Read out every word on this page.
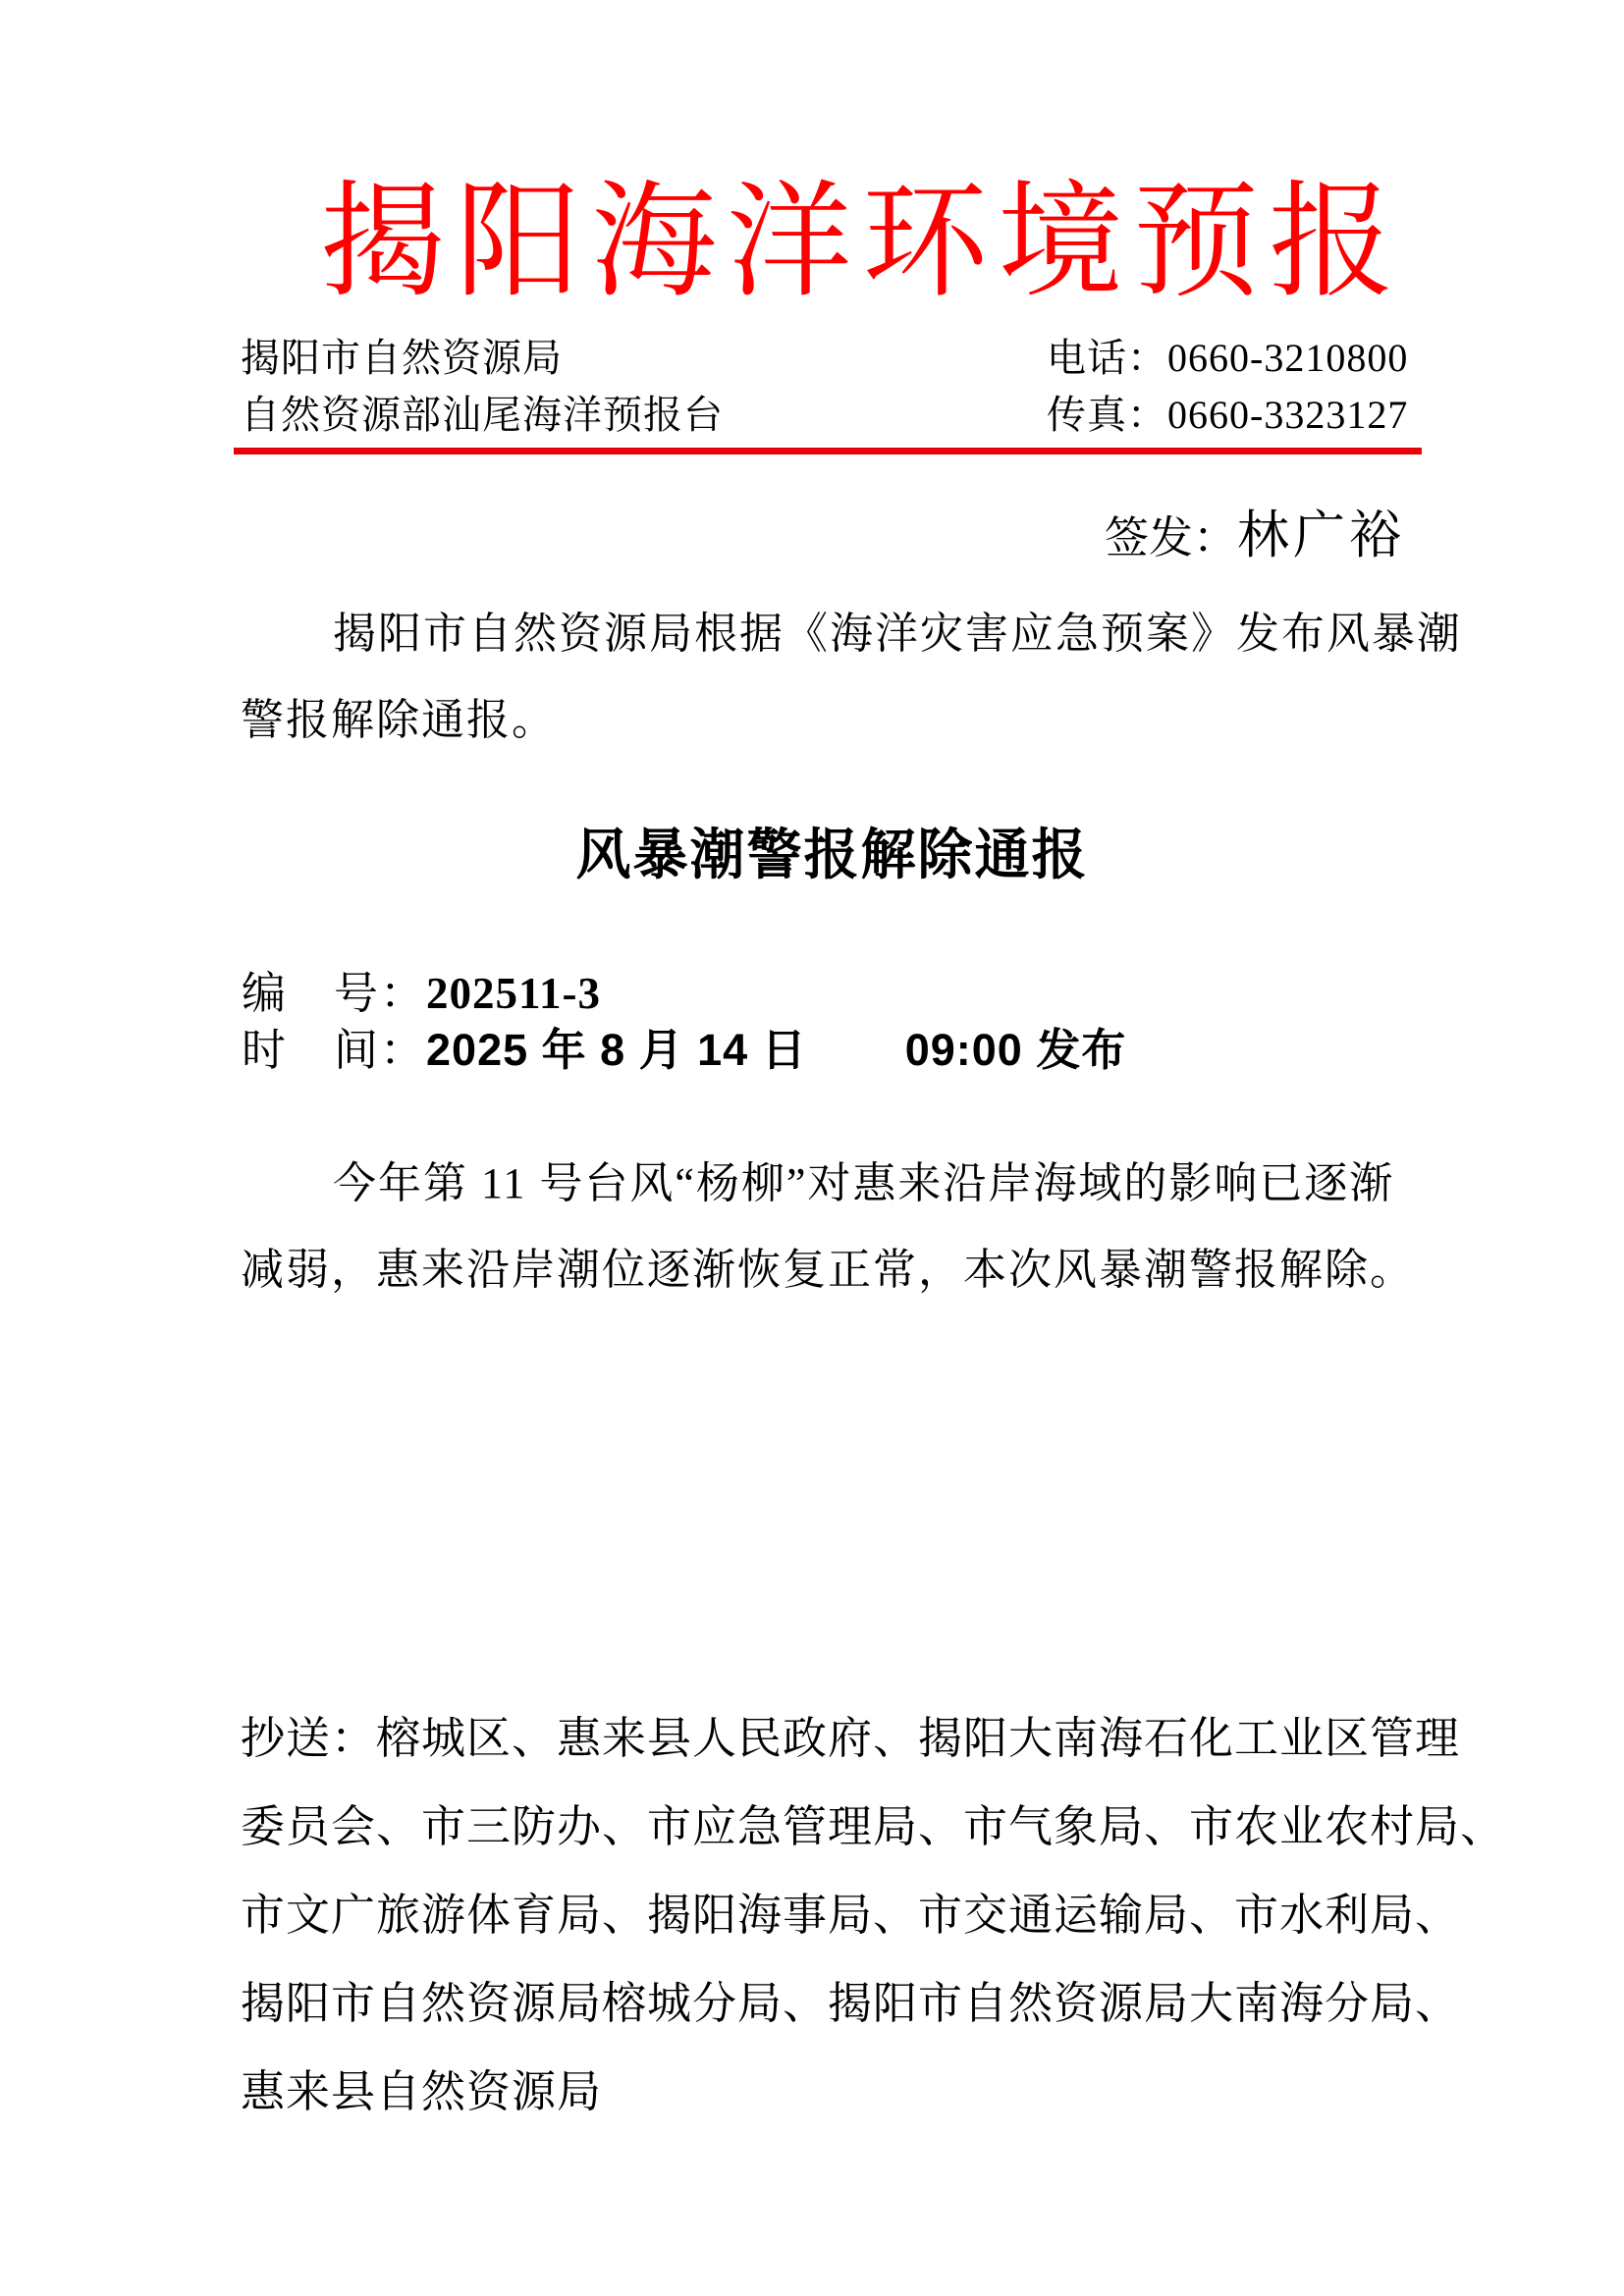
揭阳海洋环境预报
揭阳市自然资源局
自然资源部汕尾海洋预报台
电话：0660-3210800
传真：0660-3323127
签发：林广裕
揭阳市自然资源局根据《海洋灾害应急预案》发布风暴潮
警报解除通报。
风暴潮警报解除通报
编　号：202511-3
时　间：2025 年 8 月 14 日 09:00 发布
今年第 11 号台风“杨柳”对惠来沿岸海域的影响已逐渐
减弱，惠来沿岸潮位逐渐恢复正常，本次风暴潮警报解除。
抄送：榕城区、惠来县人民政府、揭阳大南海石化工业区管理
委员会、市三防办、市应急管理局、市气象局、市农业农村局、
市文广旅游体育局、揭阳海事局、市交通运输局、市水利局、
揭阳市自然资源局榕城分局、揭阳市自然资源局大南海分局、
惠来县自然资源局
